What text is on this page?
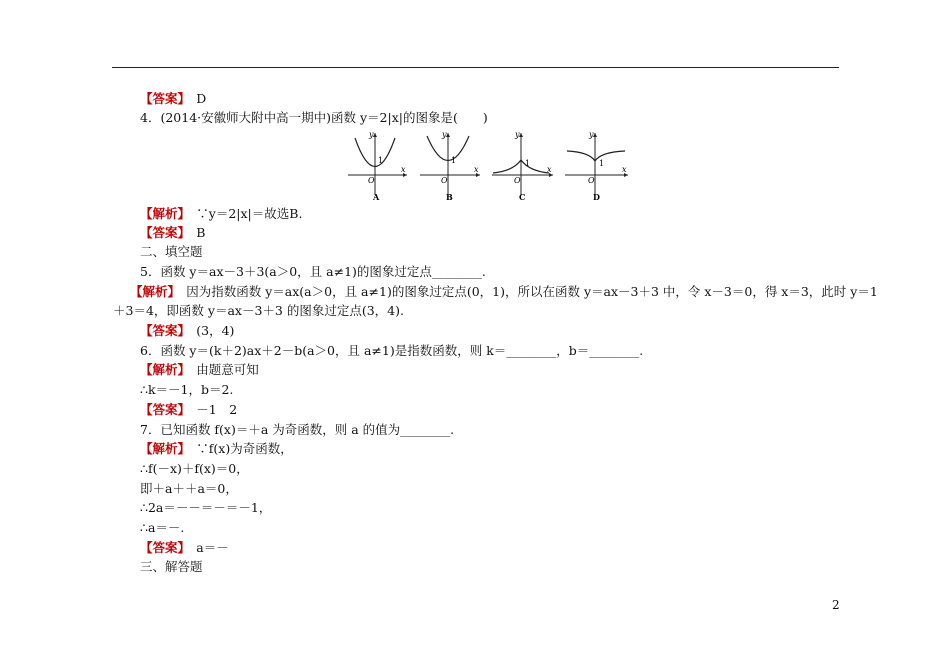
【答案】　D
4．(2014·安徽师大附中高一期中)函数 y＝2|x|的图象是(　　)
y
x
O
1
A
y
x
O
1
B
y
x
O
1
C
y
x
O
1
D
【解析】　∵y＝2|x|＝故选B.
【答案】　B
二、填空题
5．函数 y＝ax－3＋3(a＞0，且 a≠1)的图象过定点________.
【解析】　因为指数函数 y＝ax(a＞0，且 a≠1)的图象过定点(0，1)，所以在函数 y＝ax－3＋3 中，令 x－3＝0，得 x＝3，此时 y＝1
＋3＝4，即函数 y＝ax－3＋3 的图象过定点(3，4).
【答案】　(3，4)
6．函数 y＝(k＋2)ax＋2－b(a＞0，且 a≠1)是指数函数，则 k＝________，b＝________.
【解析】　由题意可知
∴k＝－1，b＝2.
【答案】　－1　2
7．已知函数 f(x)＝＋a 为奇函数，则 a 的值为________.
【解析】　∵f(x)为奇函数，
∴f(－x)＋f(x)＝0，
即＋a＋＋a＝0，
∴2a＝－－＝－＝－1，
∴a＝－.
【答案】　a＝－
三、解答题
2
